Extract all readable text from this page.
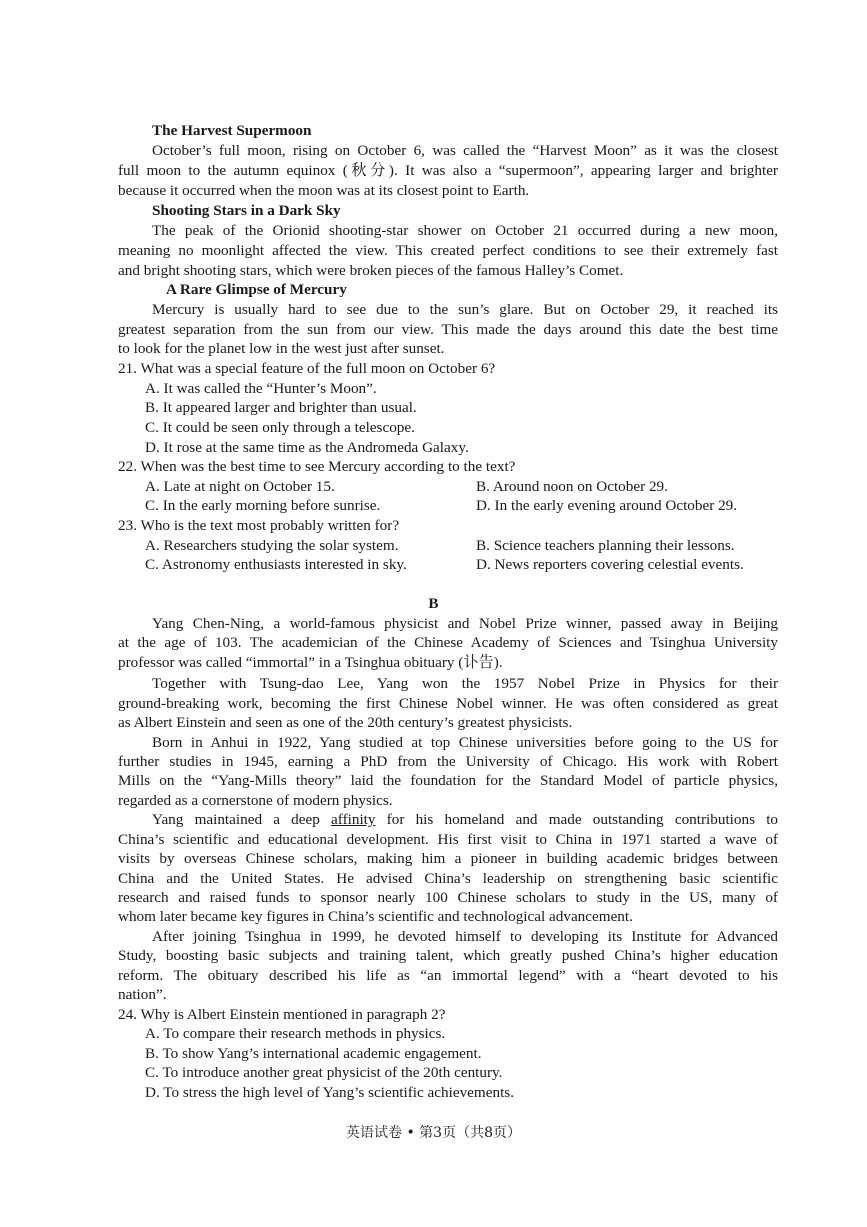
The Harvest Supermoon
October’s full moon, rising on October 6, was called the “Harvest Moon” as it was the closest
full moon to the autumn equinox (秋分). It was also a “supermoon”, appearing larger and brighter
because it occurred when the moon was at its closest point to Earth.
Shooting Stars in a Dark Sky
The peak of the Orionid shooting-star shower on October 21 occurred during a new moon,
meaning no moonlight affected the view. This created perfect conditions to see their extremely fast
and bright shooting stars, which were broken pieces of the famous Halley’s Comet.
A Rare Glimpse of Mercury
Mercury is usually hard to see due to the sun’s glare. But on October 29, it reached its
greatest separation from the sun from our view. This made the days around this date the best time
to look for the planet low in the west just after sunset.
21. What was a special feature of the full moon on October 6?
A. It was called the “Hunter’s Moon”.
B. It appeared larger and brighter than usual.
C. It could be seen only through a telescope.
D. It rose at the same time as the Andromeda Galaxy.
22. When was the best time to see Mercury according to the text?
A. Late at night on October 15.	B. Around noon on October 29.
C. In the early morning before sunrise.	D. In the early evening around October 29.
23. Who is the text most probably written for?
A. Researchers studying the solar system.	B. Science teachers planning their lessons.
C. Astronomy enthusiasts interested in sky.	D. News reporters covering celestial events.
B
Yang Chen-Ning, a world-famous physicist and Nobel Prize winner, passed away in Beijing
at the age of 103. The academician of the Chinese Academy of Sciences and Tsinghua University
professor was called “immortal” in a Tsinghua obituary (讣告).
Together with Tsung-dao Lee, Yang won the 1957 Nobel Prize in Physics for their
ground-breaking work, becoming the first Chinese Nobel winner. He was often considered as great
as Albert Einstein and seen as one of the 20th century’s greatest physicists.
Born in Anhui in 1922, Yang studied at top Chinese universities before going to the US for
further studies in 1945, earning a PhD from the University of Chicago. His work with Robert
Mills on the “Yang-Mills theory” laid the foundation for the Standard Model of particle physics,
regarded as a cornerstone of modern physics.
Yang maintained a deep affinity for his homeland and made outstanding contributions to
China’s scientific and educational development. His first visit to China in 1971 started a wave of
visits by overseas Chinese scholars, making him a pioneer in building academic bridges between
China and the United States. He advised China’s leadership on strengthening basic scientific
research and raised funds to sponsor nearly 100 Chinese scholars to study in the US, many of
whom later became key figures in China’s scientific and technological advancement.
After joining Tsinghua in 1999, he devoted himself to developing its Institute for Advanced
Study, boosting basic subjects and training talent, which greatly pushed China’s higher education
reform. The obituary described his life as “an immortal legend” with a “heart devoted to his
nation”.
24. Why is Albert Einstein mentioned in paragraph 2?
A. To compare their research methods in physics.
B. To show Yang’s international academic engagement.
C. To introduce another great physicist of the 20th century.
D. To stress the high level of Yang’s scientific achievements.
英语试卷 • 第3页（共8页）
